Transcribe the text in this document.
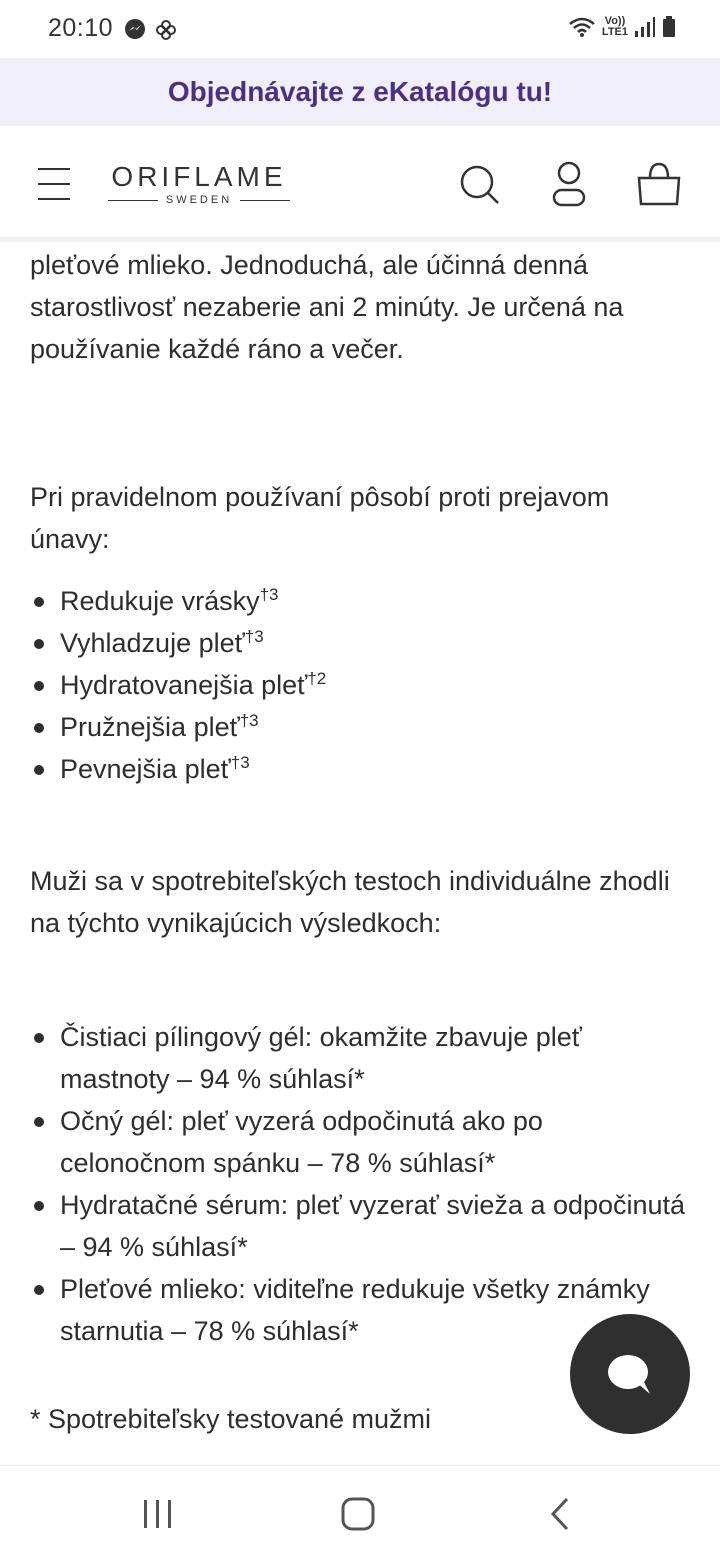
20:10	Vo))
LTE1
Objednávajte z eKatalógu tu!
ORIFLAME
SWEDEN

pleťové mlieko. Jednoduchá, ale účinná denná starostlivosť nezaberie ani 2 minúty. Je určená na používanie každé ráno a večer.

Pri pravidelnom používaní pôsobí proti prejavom únavy:

Redukuje vrásky$^{\dagger 3}$
Vyhladzuje pleť$^{\dagger 3}$
Hydratovanejšia pleť$^{\dagger 2}$
Pružnejšia pleť$^{\dagger 3}$
Pevnejšia pleť$^{\dagger 3}$

Muži sa v spotrebiteľských testoch individuálne zhodli na týchto vynikajúcich výsledkoch:

Čistiaci pílingový gél: okamžite zbavuje pleť mastnoty – 94 % súhlasí*
Očný gél: pleť vyzerá odpočinutá ako po celonočnom spánku – 78 % súhlasí*
Hydratačné sérum: pleť vyzerať svieža a odpočinutá – 94 % súhlasí*
Pleťové mlieko: viditeľne redukuje všetky známky starnutia – 78 % súhlasí*

* Spotrebiteľsky testované mužmi
